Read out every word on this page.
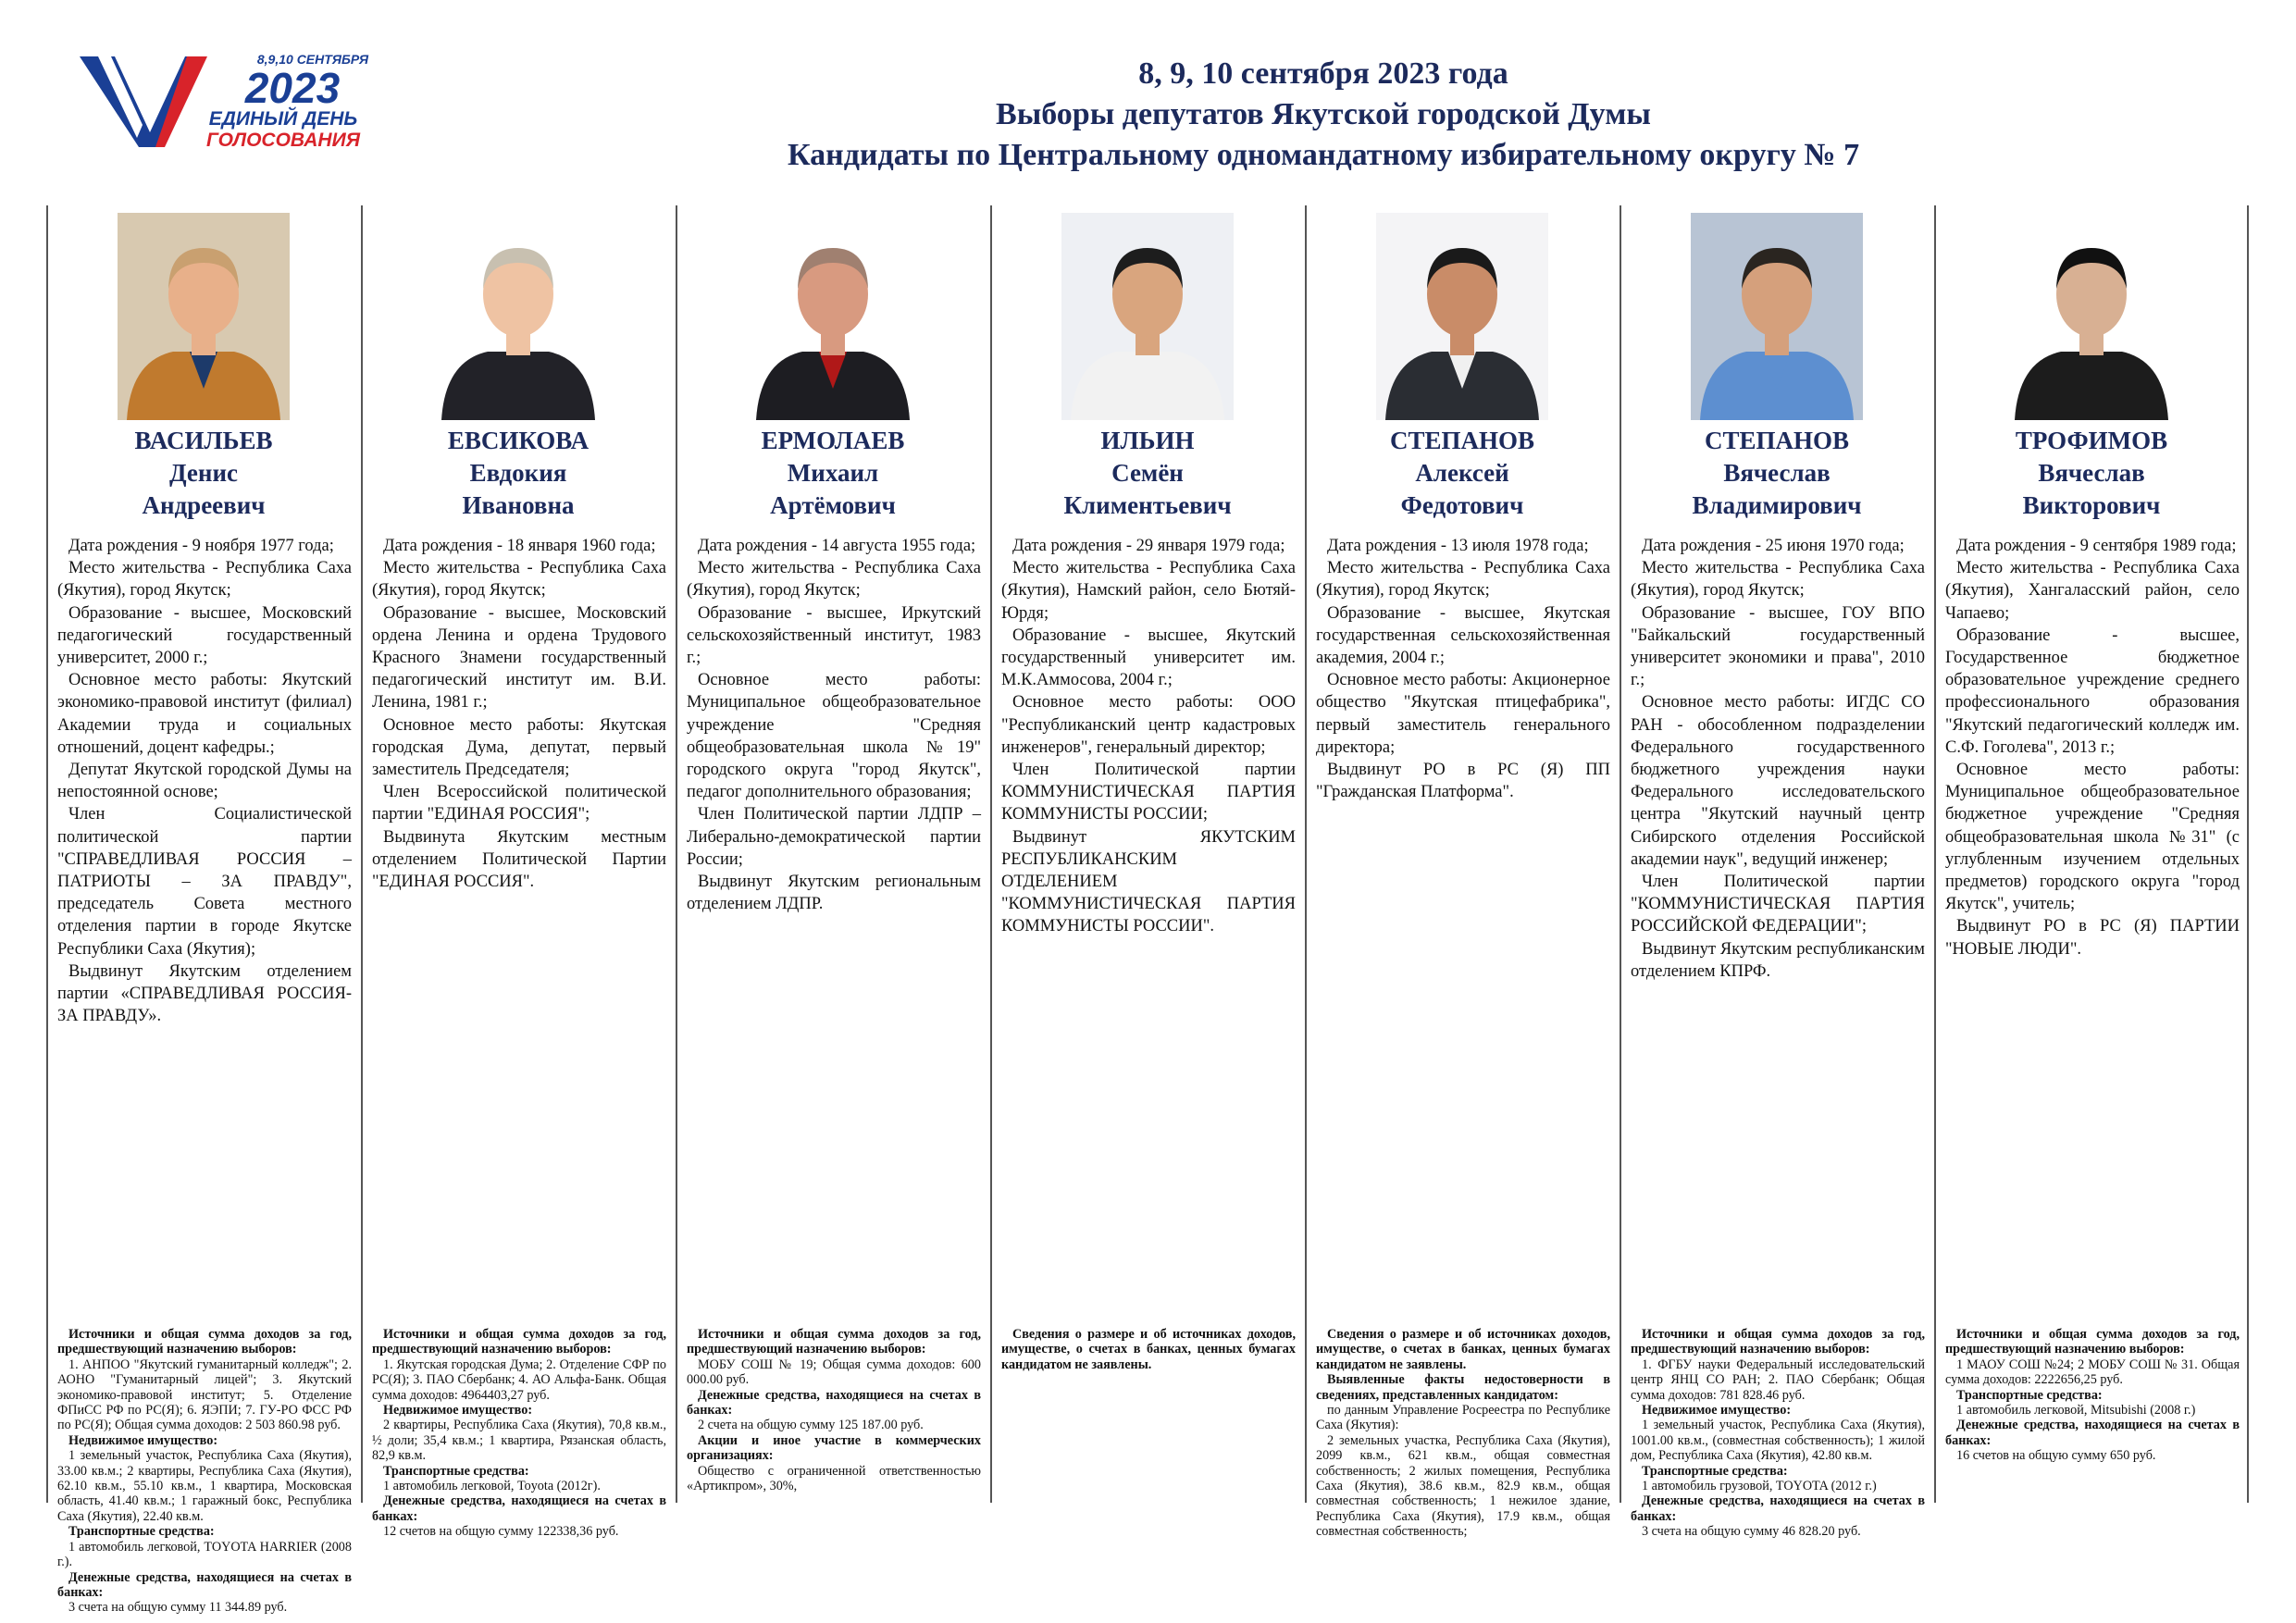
8,9,10 СЕНТЯБРЯ
2023
ЕДИНЫЙ ДЕНЬ
ГОЛОСОВАНИЯ
8, 9, 10 сентября 2023 года
Выборы депутатов Якутской городской Думы
Кандидаты по Центральному одномандатному избирательному округу № 7
ВАСИЛЬЕВ
Денис
Андреевич

Дата рождения - 9 ноября 1977 года;

Место жительства - Республика Саха (Якутия), город Якутск;

Образование - высшее, Московский педагогический государственный университет, 2000 г.;

Основное место работы: Якутский экономико-правовой институт (филиал) Академии труда и социальных отношений, доцент кафедры.;

Депутат Якутской городской Думы на непостоянной основе;

Член Социалистической политической партии "СПРАВЕДЛИВАЯ РОССИЯ – ПАТРИОТЫ – ЗА ПРАВДУ", председатель Совета местного отделения партии в городе Якутске Республики Саха (Якутия);

Выдвинут Якутским отделением партии «СПРАВЕДЛИВАЯ РОССИЯ-ЗА ПРАВДУ».

Источники и общая сумма доходов за год, предшествующий назначению выборов:

1. АНПОО "Якутский гуманитарный колледж"; 2. АОНО "Гуманитарный лицей"; 3. Якутский экономико-правовой институт; 5. Отделение ФПиСС РФ по РС(Я); 6. ЯЭПИ; 7. ГУ-РО ФСС РФ по РС(Я); Общая сумма доходов: 2 503 860.98 руб.

Недвижимое имущество:

1 земельный участок, Республика Саха (Якутия), 33.00 кв.м.; 2 квартиры, Республика Саха (Якутия), 62.10 кв.м., 55.10 кв.м., 1 квартира, Московская область, 41.40 кв.м.; 1 гаражный бокс, Республика Саха (Якутия), 22.40 кв.м.

Транспортные средства:

1 автомобиль легковой, TOYOTA HARRIER (2008 г.).

Денежные средства, находящиеся на счетах в банках:

3 счета на общую сумму 11 344.89 руб.

ЕВСИКОВА
Евдокия
Ивановна

Дата рождения - 18 января 1960 года;

Место жительства - Республика Саха (Якутия), город Якутск;

Образование - высшее, Московский ордена Ленина и ордена Трудового Красного Знамени государственный педагогический институт им. В.И. Ленина, 1981 г.;

Основное место работы: Якутская городская Дума, депутат, первый заместитель Председателя;

Член Всероссийской политической партии "ЕДИНАЯ РОССИЯ";

Выдвинута Якутским местным отделением Политической Партии "ЕДИНАЯ РОССИЯ".

Источники и общая сумма доходов за год, предшествующий назначению выборов:

1. Якутская городская Дума; 2. Отделение СФР по РС(Я); 3. ПАО Сбербанк; 4. АО Альфа-Банк. Общая сумма доходов: 4964403,27 руб.

Недвижимое имущество:

2 квартиры, Республика Саха (Якутия), 70,8 кв.м., ½ доли; 35,4 кв.м.; 1 квартира, Рязанская область, 82,9 кв.м.

Транспортные средства:

1 автомобиль легковой, Toyota (2012г).

Денежные средства, находящиеся на счетах в банках:

12 счетов на общую сумму 122338,36 руб.

ЕРМОЛАЕВ
Михаил
Артёмович

Дата рождения - 14 августа 1955 года;

Место жительства - Республика Саха (Якутия), город Якутск;

Образование - высшее, Иркутский сельскохозяйственный институт, 1983 г.;

Основное место работы: Муниципальное общеобразовательное учреждение "Средняя общеобразовательная школа №19" городского округа "город Якутск", педагог дополнительного образования;

Член Политической партии ЛДПР – Либерально-демократической партии России;

Выдвинут Якутским региональным отделением ЛДПР.

Источники и общая сумма доходов за год, предшествующий назначению выборов:

МОБУ СОШ № 19; Общая сумма доходов: 600 000.00 руб.

Денежные средства, находящиеся на счетах в банках:

2 счета на общую сумму 125 187.00 руб.

Акции и иное участие в коммерческих организациях:

Общество с ограниченной ответственностью «Артикпром», 30%,

ИЛЬИН
Семён
Климентьевич

Дата рождения - 29 января 1979 года;

Место жительства - Республика Саха (Якутия), Намский район, село Бютяй-Юрдя;

Образование - высшее, Якутский государственный университет им. М.К.Аммосова, 2004 г.;

Основное место работы: ООО "Республиканский центр кадастровых инженеров", генеральный директор;

Член Политической партии КОММУНИСТИЧЕСКАЯ ПАРТИЯ КОММУНИСТЫ РОССИИ;

Выдвинут ЯКУТСКИМ РЕСПУБЛИКАНСКИМ ОТДЕЛЕНИЕМ "КОММУНИСТИЧЕСКАЯ ПАРТИЯ КОММУНИСТЫ РОССИИ".

Сведения о размере и об источниках доходов, имуществе, о счетах в банках, ценных бумагах кандидатом не заявлены.

СТЕПАНОВ
Алексей
Федотович

Дата рождения - 13 июля 1978 года;

Место жительства - Республика Саха (Якутия), город Якутск;

Образование - высшее, Якутская государственная сельскохозяйственная академия, 2004 г.;

Основное место работы: Акционерное общество "Якутская птицефабрика", первый заместитель генерального директора;

Выдвинут РО в РС (Я) ПП "Гражданская Платформа".

Сведения о размере и об источниках доходов, имуществе, о счетах в банках, ценных бумагах кандидатом не заявлены.

Выявленные факты недостоверности в сведениях, представленных кандидатом:

по данным Управление Росреестра по Республике Саха (Якутия):

2 земельных участка, Республика Саха (Якутия), 2099 кв.м., 621 кв.м., общая совместная собственность; 2 жилых помещения, Республика Саха (Якутия), 38.6 кв.м., 82.9 кв.м., общая совместная собственность; 1 нежилое здание, Республика Саха (Якутия), 17.9 кв.м., общая совместная собственность;

СТЕПАНОВ
Вячеслав
Владимирович

Дата рождения - 25 июня 1970 года;

Место жительства - Республика Саха (Якутия), город Якутск;

Образование - высшее, ГОУ ВПО "Байкальский государственный университет экономики и права", 2010 г.;

Основное место работы: ИГДС СО РАН - обособленном подразделении Федерального государственного бюджетного учреждения науки Федерального исследовательского центра "Якутский научный центр Сибирского отделения Российской академии наук", ведущий инженер;

Член Политической партии "КОММУНИСТИЧЕСКАЯ ПАРТИЯ РОССИЙСКОЙ ФЕДЕРАЦИИ";

Выдвинут Якутским республиканским отделением КПРФ.

Источники и общая сумма доходов за год, предшествующий назначению выборов:

1. ФГБУ науки Федеральный исследовательский центр ЯНЦ СО РАН; 2. ПАО Сбербанк; Общая сумма доходов: 781 828.46 руб.

Недвижимое имущество:

1 земельный участок, Республика Саха (Якутия), 1001.00 кв.м., (совместная собственность); 1 жилой дом, Республика Саха (Якутия), 42.80 кв.м.

Транспортные средства:

1 автомобиль грузовой, TOYOTA (2012 г.)

Денежные средства, находящиеся на счетах в банках:

3 счета на общую сумму 46 828.20 руб.

ТРОФИМОВ
Вячеслав
Викторович

Дата рождения - 9 сентября 1989 года;

Место жительства - Республика Саха (Якутия), Хангаласский район, село Чапаево;

Образование - высшее, Государственное бюджетное образовательное учреждение среднего профессионального образования "Якутский педагогический колледж им. С.Ф. Гоголева", 2013 г.;

Основное место работы: Муниципальное общеобразовательное бюджетное учреждение "Средняя общеобразовательная школа №31" (с углубленным изучением отдельных предметов) городского округа "город Якутск", учитель;

Выдвинут РО в РС (Я) ПАРТИИ "НОВЫЕ ЛЮДИ".

Источники и общая сумма доходов за год, предшествующий назначению выборов:

1 МАОУ СОШ №24; 2 МОБУ СОШ № 31. Общая сумма доходов: 2222656,25 руб.

Транспортные средства:

1 автомобиль легковой, Mitsubishi (2008 г.)

Денежные средства, находящиеся на счетах в банках:

16 счетов на общую сумму 650 руб.
